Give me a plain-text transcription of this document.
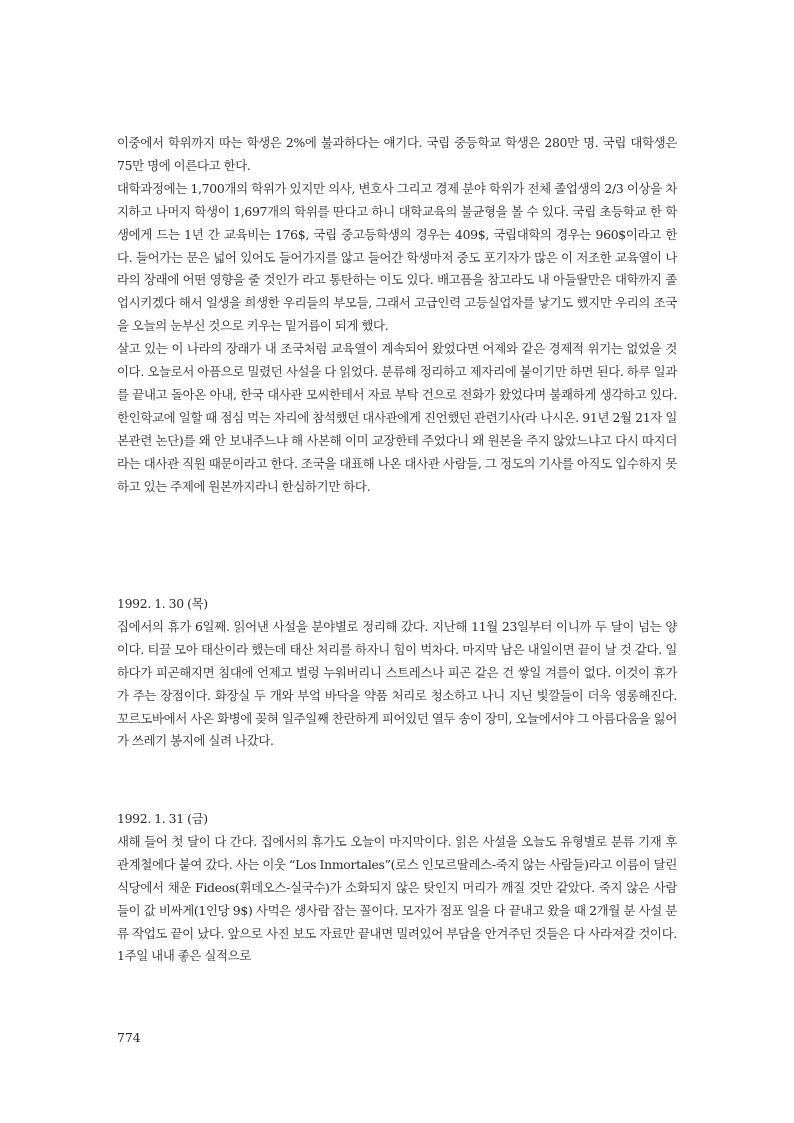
이중에서 학위까지 따는 학생은 2%에 불과하다는 얘기다. 국립 중등학교 학생은 280만 명. 국립 대학생은 75만 명에 이른다고 한다.

대학과정에는 1,700개의 학위가 있지만 의사, 변호사 그리고 경제 분야 학위가 전체 졸업생의 2/3 이상을 차지하고 나머지 학생이 1,697개의 학위를 딴다고 하니 대학교육의 불균형을 볼 수 있다. 국립 초등학교 한 학생에게 드는 1년 간 교육비는 176$, 국립 중고등학생의 경우는 409$, 국립대학의 경우는 960$이라고 한다. 들어가는 문은 넓어 있어도 들어가지를 않고 들어간 학생마저 중도 포기자가 많은 이 저조한 교육열이 나라의 장래에 어떤 영향을 줄 것인가 라고 통탄하는 이도 있다. 배고픔을 참고라도 내 아들딸만은 대학까지 졸업시키겠다 해서 일생을 희생한 우리들의 부모들, 그래서 고급인력 고등실업자를 낳기도 했지만 우리의 조국을 오늘의 눈부신 것으로 키우는 밑거름이 되게 했다.

살고 있는 이 나라의 장래가 내 조국처럼 교육열이 계속되어 왔었다면 어제와 같은 경제적 위기는 없었을 것이다. 오늘로서 아픔으로 밀렸던 사설을 다 읽었다. 분류해 정리하고 제자리에 붙이기만 하면 된다. 하루 일과를 끝내고 돌아온 아내, 한국 대사관 모씨한테서 자료 부탁 건으로 전화가 왔었다며 불쾌하게 생각하고 있다. 한인학교에 일할 때 점심 먹는 자리에 참석했던 대사관에게 진언했던 관련기사(라 나시온. 91년 2월 21자 일본관련 논단)를 왜 안 보내주느냐 해 사본해 이미 교장한테 주었다니 왜 원본을 주지 않았느냐고 다시 따지더라는 대사관 직원 때문이라고 한다. 조국을 대표해 나온 대사관 사람들, 그 정도의 기사를 아직도 입수하지 못하고 있는 주제에 원본까지라니 한심하기만 하다.

1992. 1. 30 (목)

집에서의 휴가 6일째. 읽어낸 사설을 분야별로 정리해 갔다. 지난해 11월 23일부터 이니까 두 달이 넘는 양이다. 티끌 모아 태산이라 했는데 태산 처리를 하자니 힘이 벅차다. 마지막 남은 내일이면 끝이 날 것 같다. 일하다가 피곤해지면 침대에 언제고 벌렁 누워버리니 스트레스나 피곤 같은 건 쌓일 겨를이 없다. 이것이 휴가가 주는 장점이다. 화장실 두 개와 부엌 바닥을 약품 처리로 청소하고 나니 지닌 빛깔들이 더욱 영롱해진다. 꼬르도바에서 사온 화병에 꽂혀 일주일째 찬란하게 피어있던 열두 송이 장미, 오늘에서야 그 아름다움을 잃어가 쓰레기 봉지에 실려 나갔다.

1992. 1. 31 (금)

새해 들어 첫 달이 다 간다. 집에서의 휴가도 오늘이 마지막이다. 읽은 사설을 오늘도 유형별로 분류 기재 후 관계철에다 붙여 갔다. 사는 이웃 “Los Inmortales”(로스 인모르딸레스-죽지 않는 사람들)라고 이름이 달린 식당에서 채운 Fideos(휘데오스-실국수)가 소화되지 않은 탓인지 머리가 깨질 것만 같았다. 죽지 않은 사람들이 값 비싸게(1인당 9$) 사먹은 생사람 잡는 꼴이다. 모자가 점포 일을 다 끝내고 왔을 때 2개월 분 사설 분류 작업도 끝이 났다. 앞으로 사진 보도 자료만 끝내면 밀려있어 부담을 안겨주던 것들은 다 사라져갈 것이다. 1주일 내내 좋은 실적으로

774
